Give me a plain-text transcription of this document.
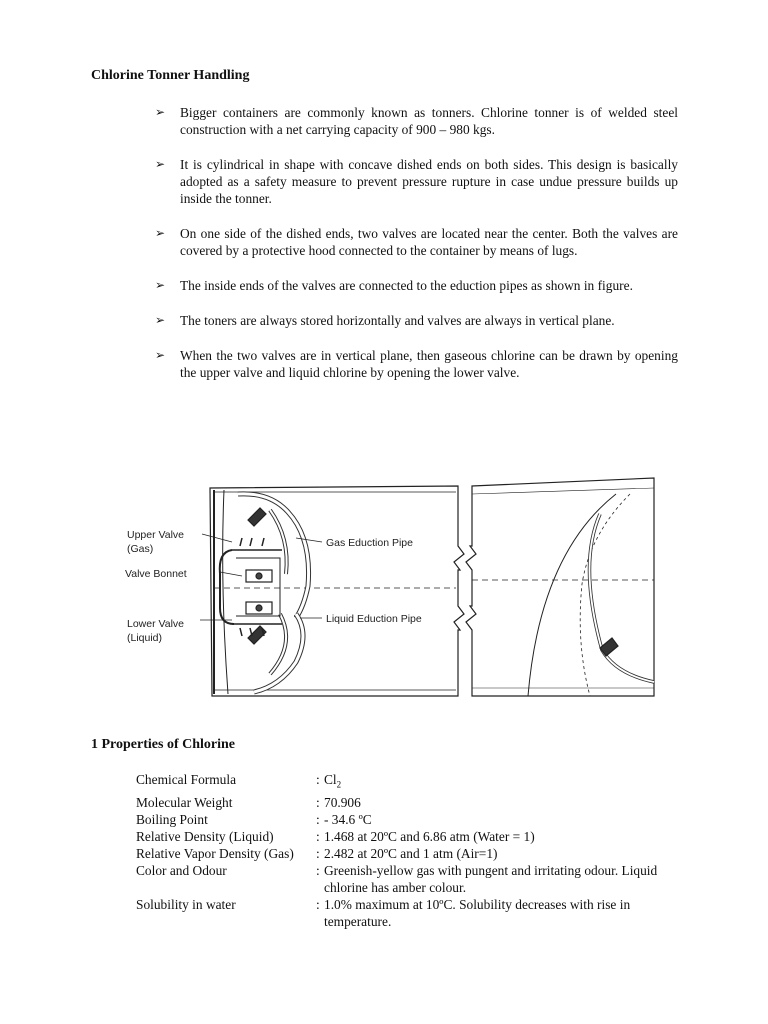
Chlorine Tonner Handling
➢ Bigger containers are commonly known as tonners. Chlorine tonner is of welded steel construction with a net carrying capacity of 900 – 980 kgs.
➢ It is cylindrical in shape with concave dished ends on both sides. This design is basically adopted as a safety measure to prevent pressure rupture in case undue pressure builds up inside the tonner.
➢ On one side of the dished ends, two valves are located near the center. Both the valves are covered by a protective hood connected to the container by means of lugs.
➢ The inside ends of the valves are connected to the eduction pipes as shown in figure.
➢ The toners are always stored horizontally and valves are always in vertical plane.
➢ When the two valves are in vertical plane, then gaseous chlorine can be drawn by opening the upper valve and liquid chlorine by opening the lower valve.
Upper Valve
(Gas)
Valve Bonnet
Lower Valve
(Liquid)
Gas Eduction Pipe
Liquid Eduction Pipe
1 Properties of Chlorine
Chemical Formula	: $Cl_2$
Molecular Weight	: 70.906
Boiling Point	: - 34.6 ºC
Relative Density (Liquid)	: 1.468 at 20ºC and 6.86 atm (Water = 1)
Relative Vapor Density (Gas)	: 2.482 at 20ºC and 1 atm (Air=1)
Color and Odour	: Greenish-yellow gas with pungent and irritating odour. Liquid chlorine has amber colour.
Solubility in water	: 1.0% maximum at 10ºC. Solubility decreases with rise in temperature.
